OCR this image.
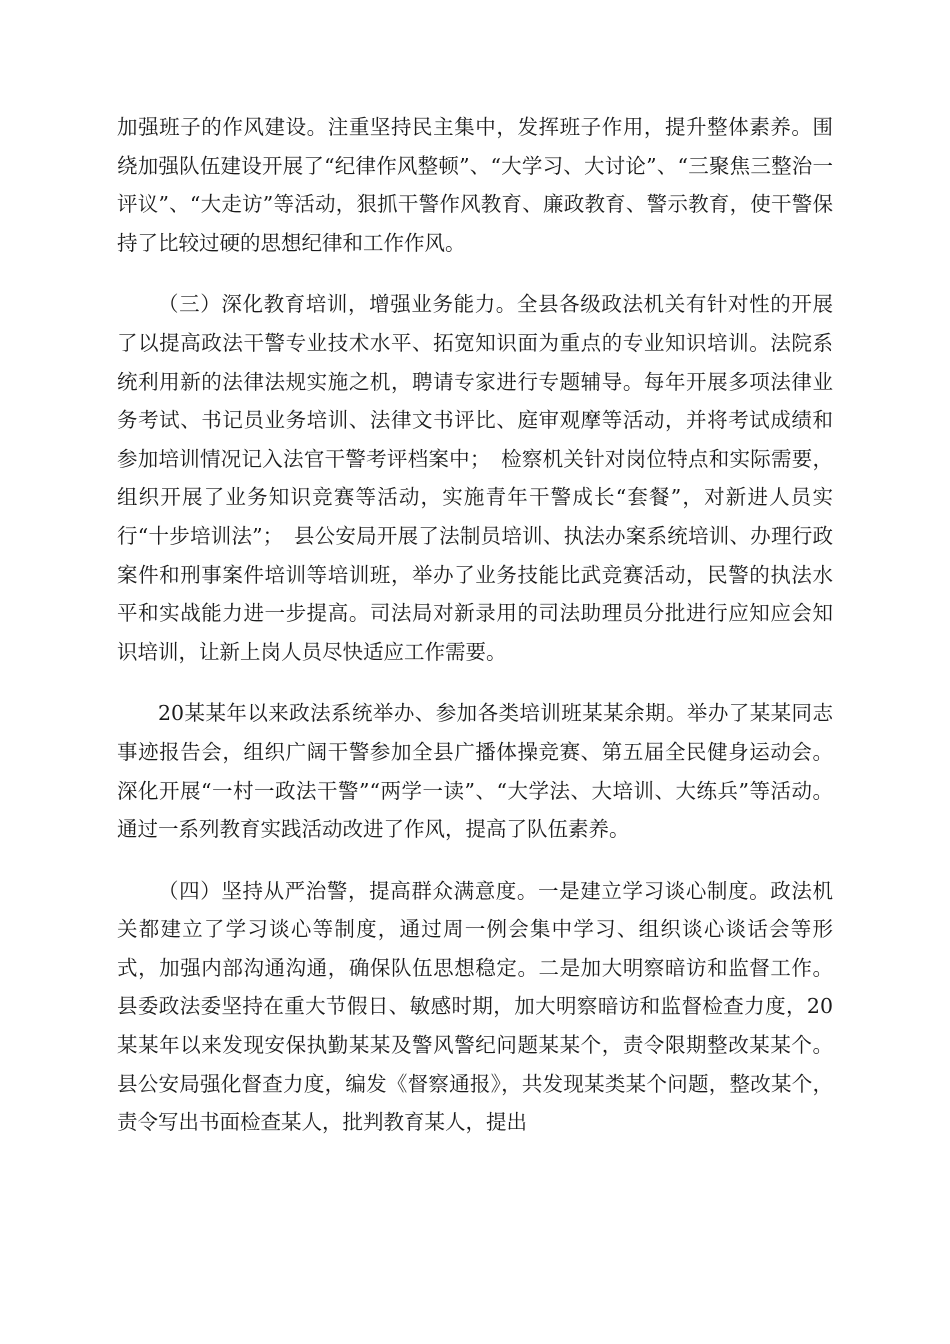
加强班子的作风建设。注重坚持民主集中，发挥班子作用，提升整体素养。围绕加强队伍建设开展了“纪律作风整顿”、“大学习、大讨论”、“三聚焦三整治一评议”、“大走访”等活动，狠抓干警作风教育、廉政教育、警示教育，使干警保持了比较过硬的思想纪律和工作作风。

（三）深化教育培训，增强业务能力。全县各级政法机关有针对性的开展了以提高政法干警专业技术水平、拓宽知识面为重点的专业知识培训。法院系统利用新的法律法规实施之机，聘请专家进行专题辅导。每年开展多项法律业务考试、书记员业务培训、法律文书评比、庭审观摩等活动，并将考试成绩和参加培训情况记入法官干警考评档案中；　检察机关针对岗位特点和实际需要，组织开展了业务知识竞赛等活动，实施青年干警成长“套餐”，对新进人员实行“十步培训法”；　县公安局开展了法制员培训、执法办案系统培训、办理行政案件和刑事案件培训等培训班，举办了业务技能比武竞赛活动，民警的执法水平和实战能力进一步提高。司法局对新录用的司法助理员分批进行应知应会知识培训，让新上岗人员尽快适应工作需要。

20某某年以来政法系统举办、参加各类培训班某某余期。举办了某某同志事迹报告会，组织广阔干警参加全县广播体操竞赛、第五届全民健身运动会。深化开展“一村一政法干警”“两学一读”、“大学法、大培训、大练兵”等活动。通过一系列教育实践活动改进了作风，提高了队伍素养。

（四）坚持从严治警，提高群众满意度。一是建立学习谈心制度。政法机关都建立了学习谈心等制度，通过周一例会集中学习、组织谈心谈话会等形式，加强内部沟通沟通，确保队伍思想稳定。二是加大明察暗访和监督工作。县委政法委坚持在重大节假日、敏感时期，加大明察暗访和监督检查力度，20某某年以来发现安保执勤某某及警风警纪问题某某个，责令限期整改某某个。县公安局强化督查力度，编发《督察通报》，共发现某类某个问题，整改某个，责令写出书面检查某人，批判教育某人，提出
